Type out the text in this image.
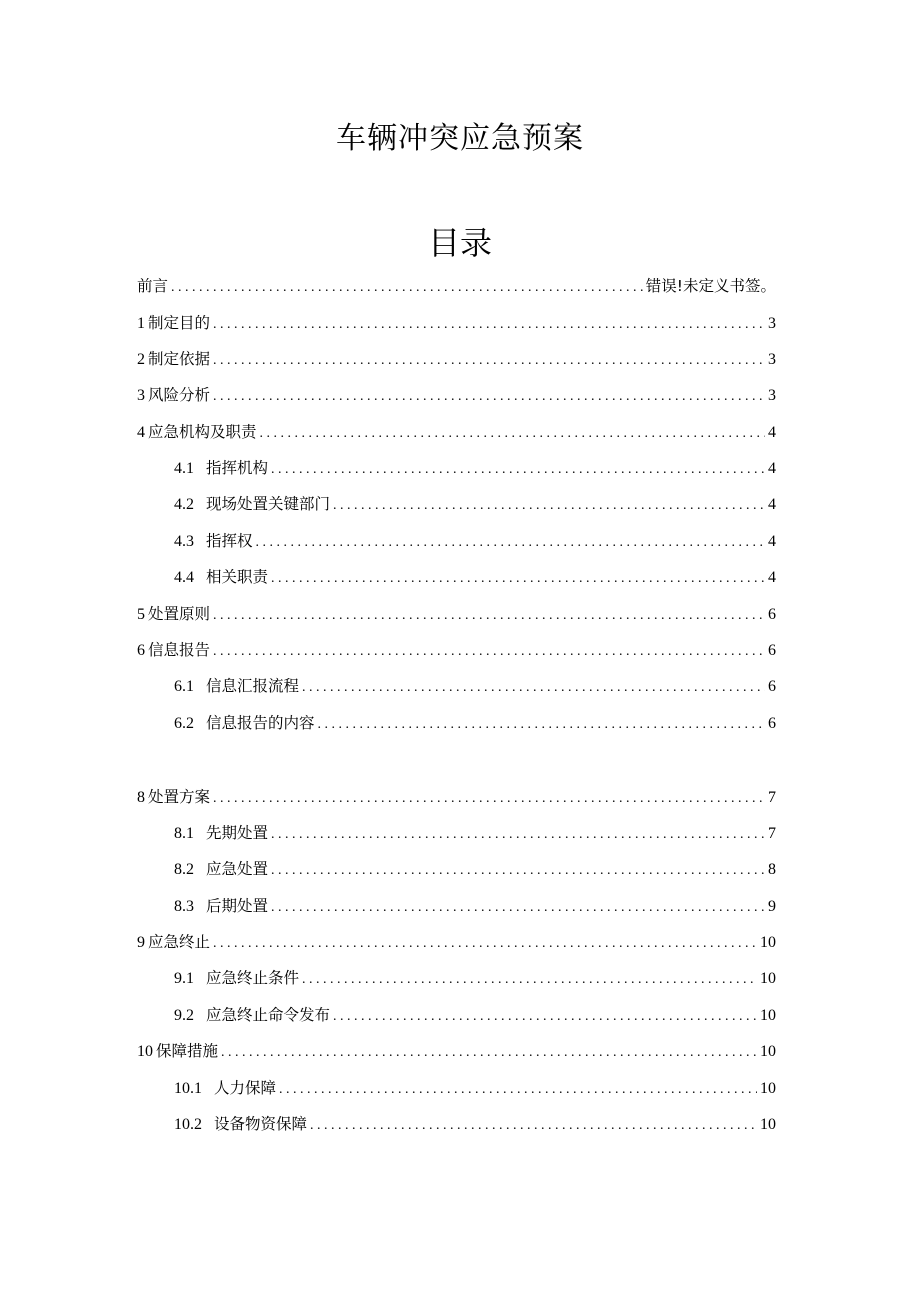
车辆冲突应急预案
目录
前言 . . .	错误!未定义书签。
1 制定目的 . . .	3
2 制定依据 . . .	3
3 风险分析 . . .	3
4 应急机构及职责 . . .	4
4.1 指挥机构 . . .	4
4.2 现场处置关键部门 . . .	4
4.3 指挥权 . . .	4
4.4 相关职责 . . .	4
5 处置原则 . . .	6
6 信息报告 . . .	6
6.1 信息汇报流程 . . .	6
6.2 信息报告的内容 . . .	6
8 处置方案 . . .	7
8.1 先期处置 . . .	7
8.2 应急处置 . . .	8
8.3 后期处置 . . .	9
9 应急终止 . . .	10
9.1 应急终止条件 . . .	10
9.2 应急终止命令发布 . . .	10
10 保障措施 . . .	10
10.1 人力保障 . . .	10
10.2 设备物资保障 . . .	10
